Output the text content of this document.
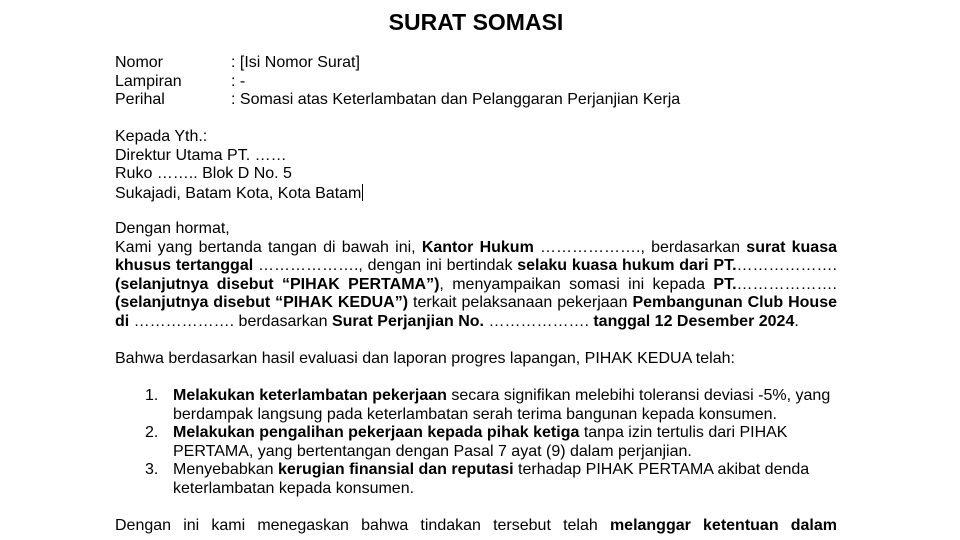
SURAT SOMASI
Nomor	: [Isi Nomor Surat]
Lampiran	: -
Perihal	: Somasi atas Keterlambatan dan Pelanggaran Perjanjian Kerja
Kepada Yth.:
Direktur Utama PT. ……
Ruko …….. Blok D No. 5
Sukajadi, Batam Kota, Kota Batam
Dengan hormat,
Kami yang bertanda tangan di bawah ini, Kantor Hukum ………………., berdasarkan surat kuasa
khusus tertanggal ………………., dengan ini bertindak selaku kuasa hukum dari PT.……………….
(selanjutnya disebut “PIHAK PERTAMA”), menyampaikan somasi ini kepada PT.……………….
(selanjutnya disebut “PIHAK KEDUA”) terkait pelaksanaan pekerjaan Pembangunan Club House
di ………………. berdasarkan Surat Perjanjian No. ………………. tanggal 12 Desember 2024.
Bahwa berdasarkan hasil evaluasi dan laporan progres lapangan, PIHAK KEDUA telah:
1. Melakukan keterlambatan pekerjaan secara signifikan melebihi toleransi deviasi -5%, yang
berdampak langsung pada keterlambatan serah terima bangunan kepada konsumen.
2. Melakukan pengalihan pekerjaan kepada pihak ketiga tanpa izin tertulis dari PIHAK
PERTAMA, yang bertentangan dengan Pasal 7 ayat (9) dalam perjanjian.
3. Menyebabkan kerugian finansial dan reputasi terhadap PIHAK PERTAMA akibat denda
keterlambatan kepada konsumen.
Dengan ini kami menegaskan bahwa tindakan tersebut telah melanggar ketentuan dalam
